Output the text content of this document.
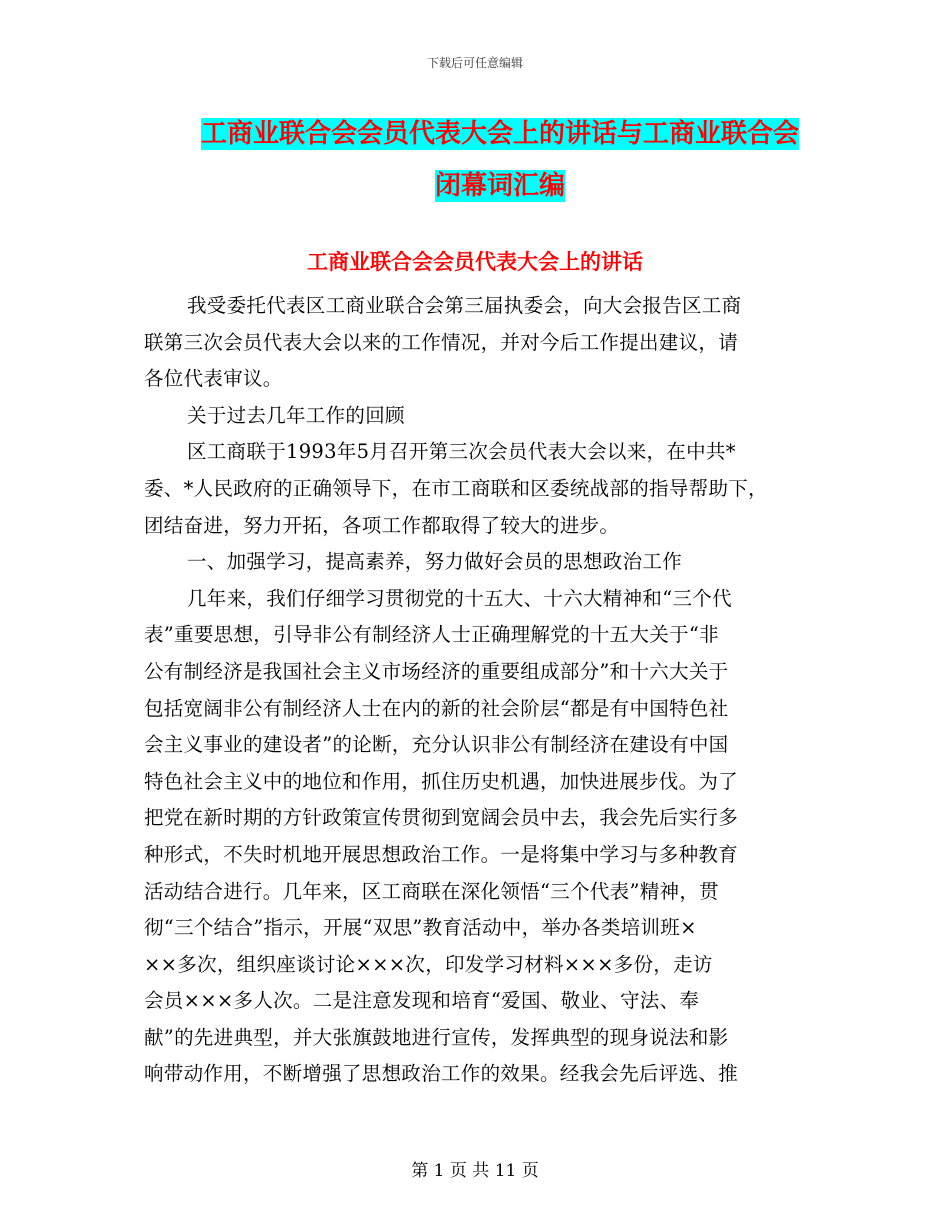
下载后可任意编辑
工商业联合会会员代表大会上的讲话与工商业联合会
闭幕词汇编
工商业联合会会员代表大会上的讲话
我受委托代表区工商业联合会第三届执委会，向大会报告区工商
联第三次会员代表大会以来的工作情况，并对今后工作提出建议，请
各位代表审议。
关于过去几年工作的回顾
区工商联于1993年5月召开第三次会员代表大会以来，在中共*
委、*人民政府的正确领导下，在市工商联和区委统战部的指导帮助下，
团结奋进，努力开拓，各项工作都取得了较大的进步。
一、加强学习，提高素养，努力做好会员的思想政治工作
几年来，我们仔细学习贯彻党的十五大、十六大精神和“三个代
表”重要思想，引导非公有制经济人士正确理解党的十五大关于“非
公有制经济是我国社会主义市场经济的重要组成部分”和十六大关于
包括宽阔非公有制经济人士在内的新的社会阶层“都是有中国特色社
会主义事业的建设者”的论断，充分认识非公有制经济在建设有中国
特色社会主义中的地位和作用，抓住历史机遇，加快进展步伐。为了
把党在新时期的方针政策宣传贯彻到宽阔会员中去，我会先后实行多
种形式，不失时机地开展思想政治工作。一是将集中学习与多种教育
活动结合进行。几年来，区工商联在深化领悟“三个代表”精神，贯
彻“三个结合”指示，开展“双思”教育活动中，举办各类培训班×
××多次，组织座谈讨论×××次，印发学习材料×××多份，走访
会员×××多人次。二是注意发现和培育“爱国、敬业、守法、奉
献”的先进典型，并大张旗鼓地进行宣传，发挥典型的现身说法和影
响带动作用，不断增强了思想政治工作的效果。经我会先后评选、推
第 1 页 共 11 页
